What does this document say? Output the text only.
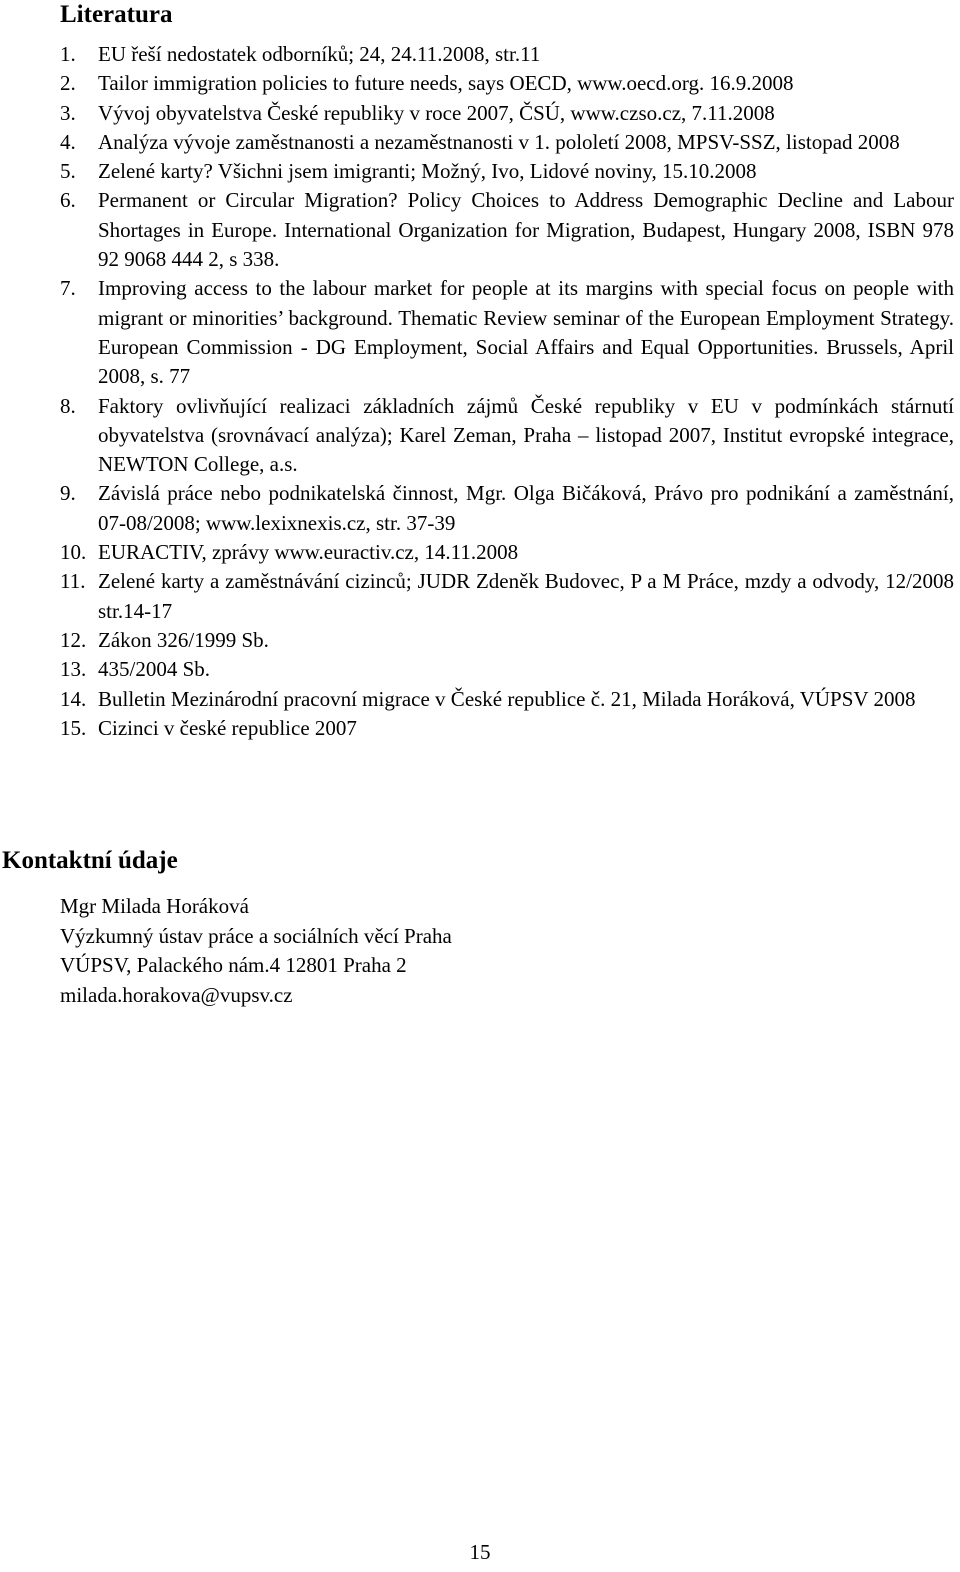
Literatura
1. EU řeší nedostatek odborníků; 24, 24.11.2008, str.11
2. Tailor immigration policies to future needs, says OECD, www.oecd.org. 16.9.2008
3. Vývoj obyvatelstva České republiky v roce 2007, ČSÚ, www.czso.cz, 7.11.2008
4. Analýza vývoje zaměstnanosti a nezaměstnanosti v 1. pololetí 2008, MPSV-SSZ, listopad 2008
5. Zelené karty? Všichni jsem imigranti; Možný, Ivo, Lidové noviny, 15.10.2008
6. Permanent or Circular Migration? Policy Choices to Address Demographic Decline and Labour Shortages in Europe. International Organization for Migration, Budapest, Hungary 2008, ISBN 978 92 9068 444 2, s 338.
7. Improving access to the labour market for people at its margins with special focus on people with migrant or minorities’ background. Thematic Review seminar of the European Employment Strategy. European Commission - DG Employment, Social Affairs and Equal Opportunities. Brussels, April 2008, s. 77
8. Faktory ovlivňující realizaci základních zájmů České republiky v EU v podmínkách stárnutí obyvatelstva (srovnávací analýza); Karel Zeman, Praha – listopad 2007, Institut evropské integrace, NEWTON College, a.s.
9. Závislá práce nebo podnikatelská činnost, Mgr. Olga Bičáková, Právo pro podnikání a zaměstnání, 07-08/2008; www.lexixnexis.cz, str. 37-39
10. EURACTIV, zprávy www.euractiv.cz, 14.11.2008
11. Zelené karty a zaměstnávání cizinců; JUDR Zdeněk Budovec, P a M Práce, mzdy a odvody, 12/2008 str.14-17
12. Zákon 326/1999 Sb.
13. 435/2004 Sb.
14. Bulletin Mezinárodní pracovní migrace v České republice č. 21, Milada Horáková, VÚPSV 2008
15. Cizinci v české republice 2007
Kontaktní údaje
Mgr Milada Horáková
Výzkumný ústav práce a sociálních věcí Praha
VÚPSV, Palackého nám.4 12801 Praha 2
milada.horakova@vupsv.cz
15
